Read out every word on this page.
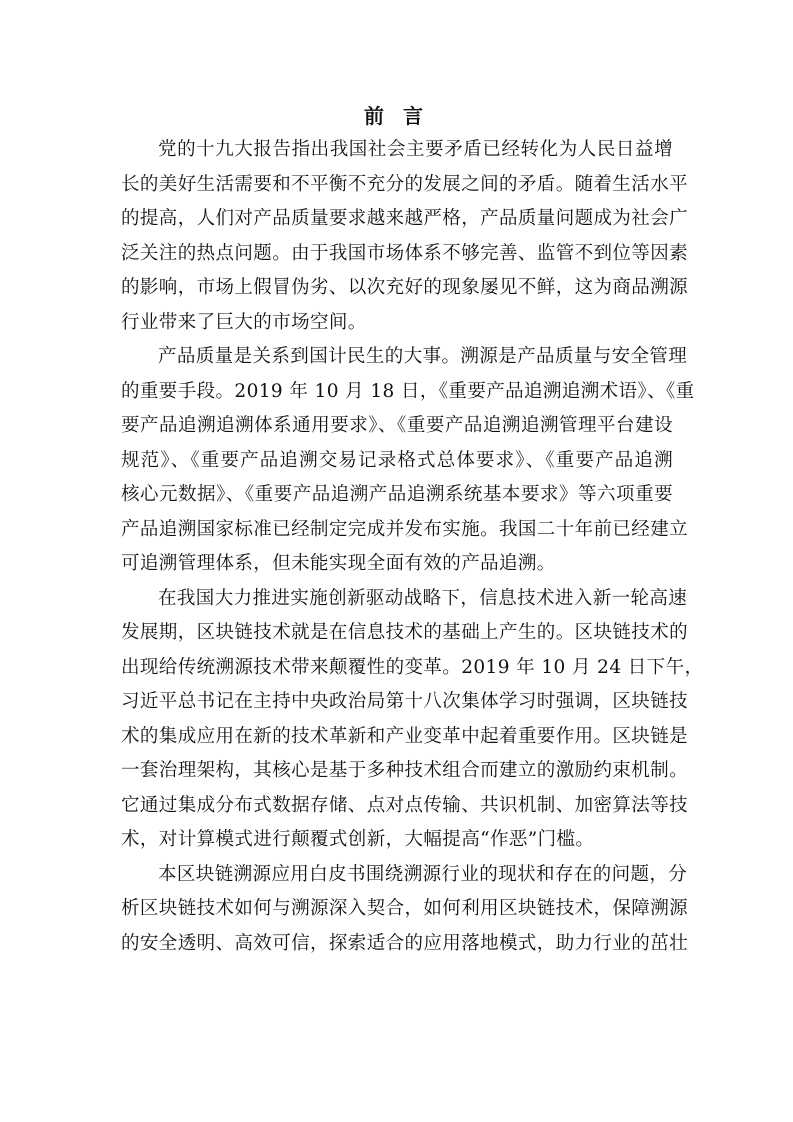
前 言
党的十九大报告指出我国社会主要矛盾已经转化为人民日益增
长的美好生活需要和不平衡不充分的发展之间的矛盾。随着生活水平
的提高，人们对产品质量要求越来越严格，产品质量问题成为社会广
泛关注的热点问题。由于我国市场体系不够完善、监管不到位等因素
的影响，市场上假冒伪劣、以次充好的现象屡见不鲜，这为商品溯源
行业带来了巨大的市场空间。
产品质量是关系到国计民生的大事。溯源是产品质量与安全管理
的重要手段。2019 年 10 月 18 日，《重要产品追溯追溯术语》、《重
要产品追溯追溯体系通用要求》、《重要产品追溯追溯管理平台建设
规范》、《重要产品追溯交易记录格式总体要求》、《重要产品追溯
核心元数据》、《重要产品追溯产品追溯系统基本要求》等六项重要
产品追溯国家标准已经制定完成并发布实施。我国二十年前已经建立
可追溯管理体系，但未能实现全面有效的产品追溯。
在我国大力推进实施创新驱动战略下，信息技术进入新一轮高速
发展期，区块链技术就是在信息技术的基础上产生的。区块链技术的
出现给传统溯源技术带来颠覆性的变革。2019 年 10 月 24 日下午，
习近平总书记在主持中央政治局第十八次集体学习时强调，区块链技
术的集成应用在新的技术革新和产业变革中起着重要作用。区块链是
一套治理架构，其核心是基于多种技术组合而建立的激励约束机制。
它通过集成分布式数据存储、点对点传输、共识机制、加密算法等技
术，对计算模式进行颠覆式创新，大幅提高“作恶”门槛。
本区块链溯源应用白皮书围绕溯源行业的现状和存在的问题，分
析区块链技术如何与溯源深入契合，如何利用区块链技术，保障溯源
的安全透明、高效可信，探索适合的应用落地模式，助力行业的茁壮
